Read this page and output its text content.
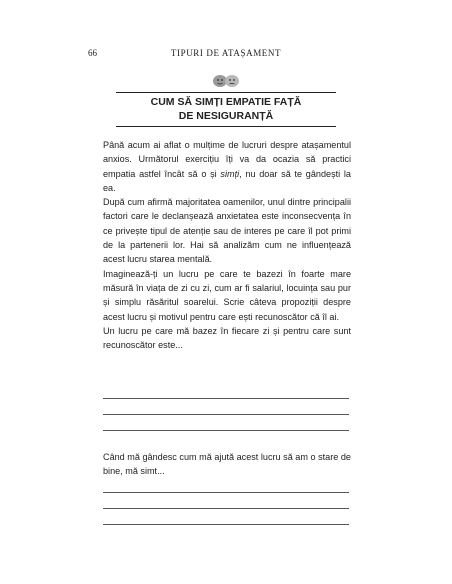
66	TIPURI DE ATAȘAMENT
CUM SĂ SIMȚI EMPATIE FAȚĂ
DE NESIGURANȚĂ

Până acum ai aflat o mulțime de lucruri despre atașamentul anxios. Următorul exercițiu îți va da ocazia să practici empatia astfel încât să o și simți, nu doar să te gândești la ea.

După cum afirmă majoritatea oamenilor, unul dintre principalii factori care le declanșează anxietatea este inconsecvența în ce privește tipul de atenție sau de interes pe care îl pot primi de la partenerii lor. Hai să analizăm cum ne influențează acest lucru starea mentală.

Imaginează-ți un lucru pe care te bazezi în foarte mare măsură în viața de zi cu zi, cum ar fi salariul, locuința sau pur și simplu răsăritul soarelui. Scrie câteva propoziții despre acest lucru și motivul pentru care ești recunoscător că îl ai.

Un lucru pe care mă bazez în fiecare zi și pentru care sunt recunoscător este...

Când mă gândesc cum mă ajută acest lucru să am o stare de bine, mă simt...
